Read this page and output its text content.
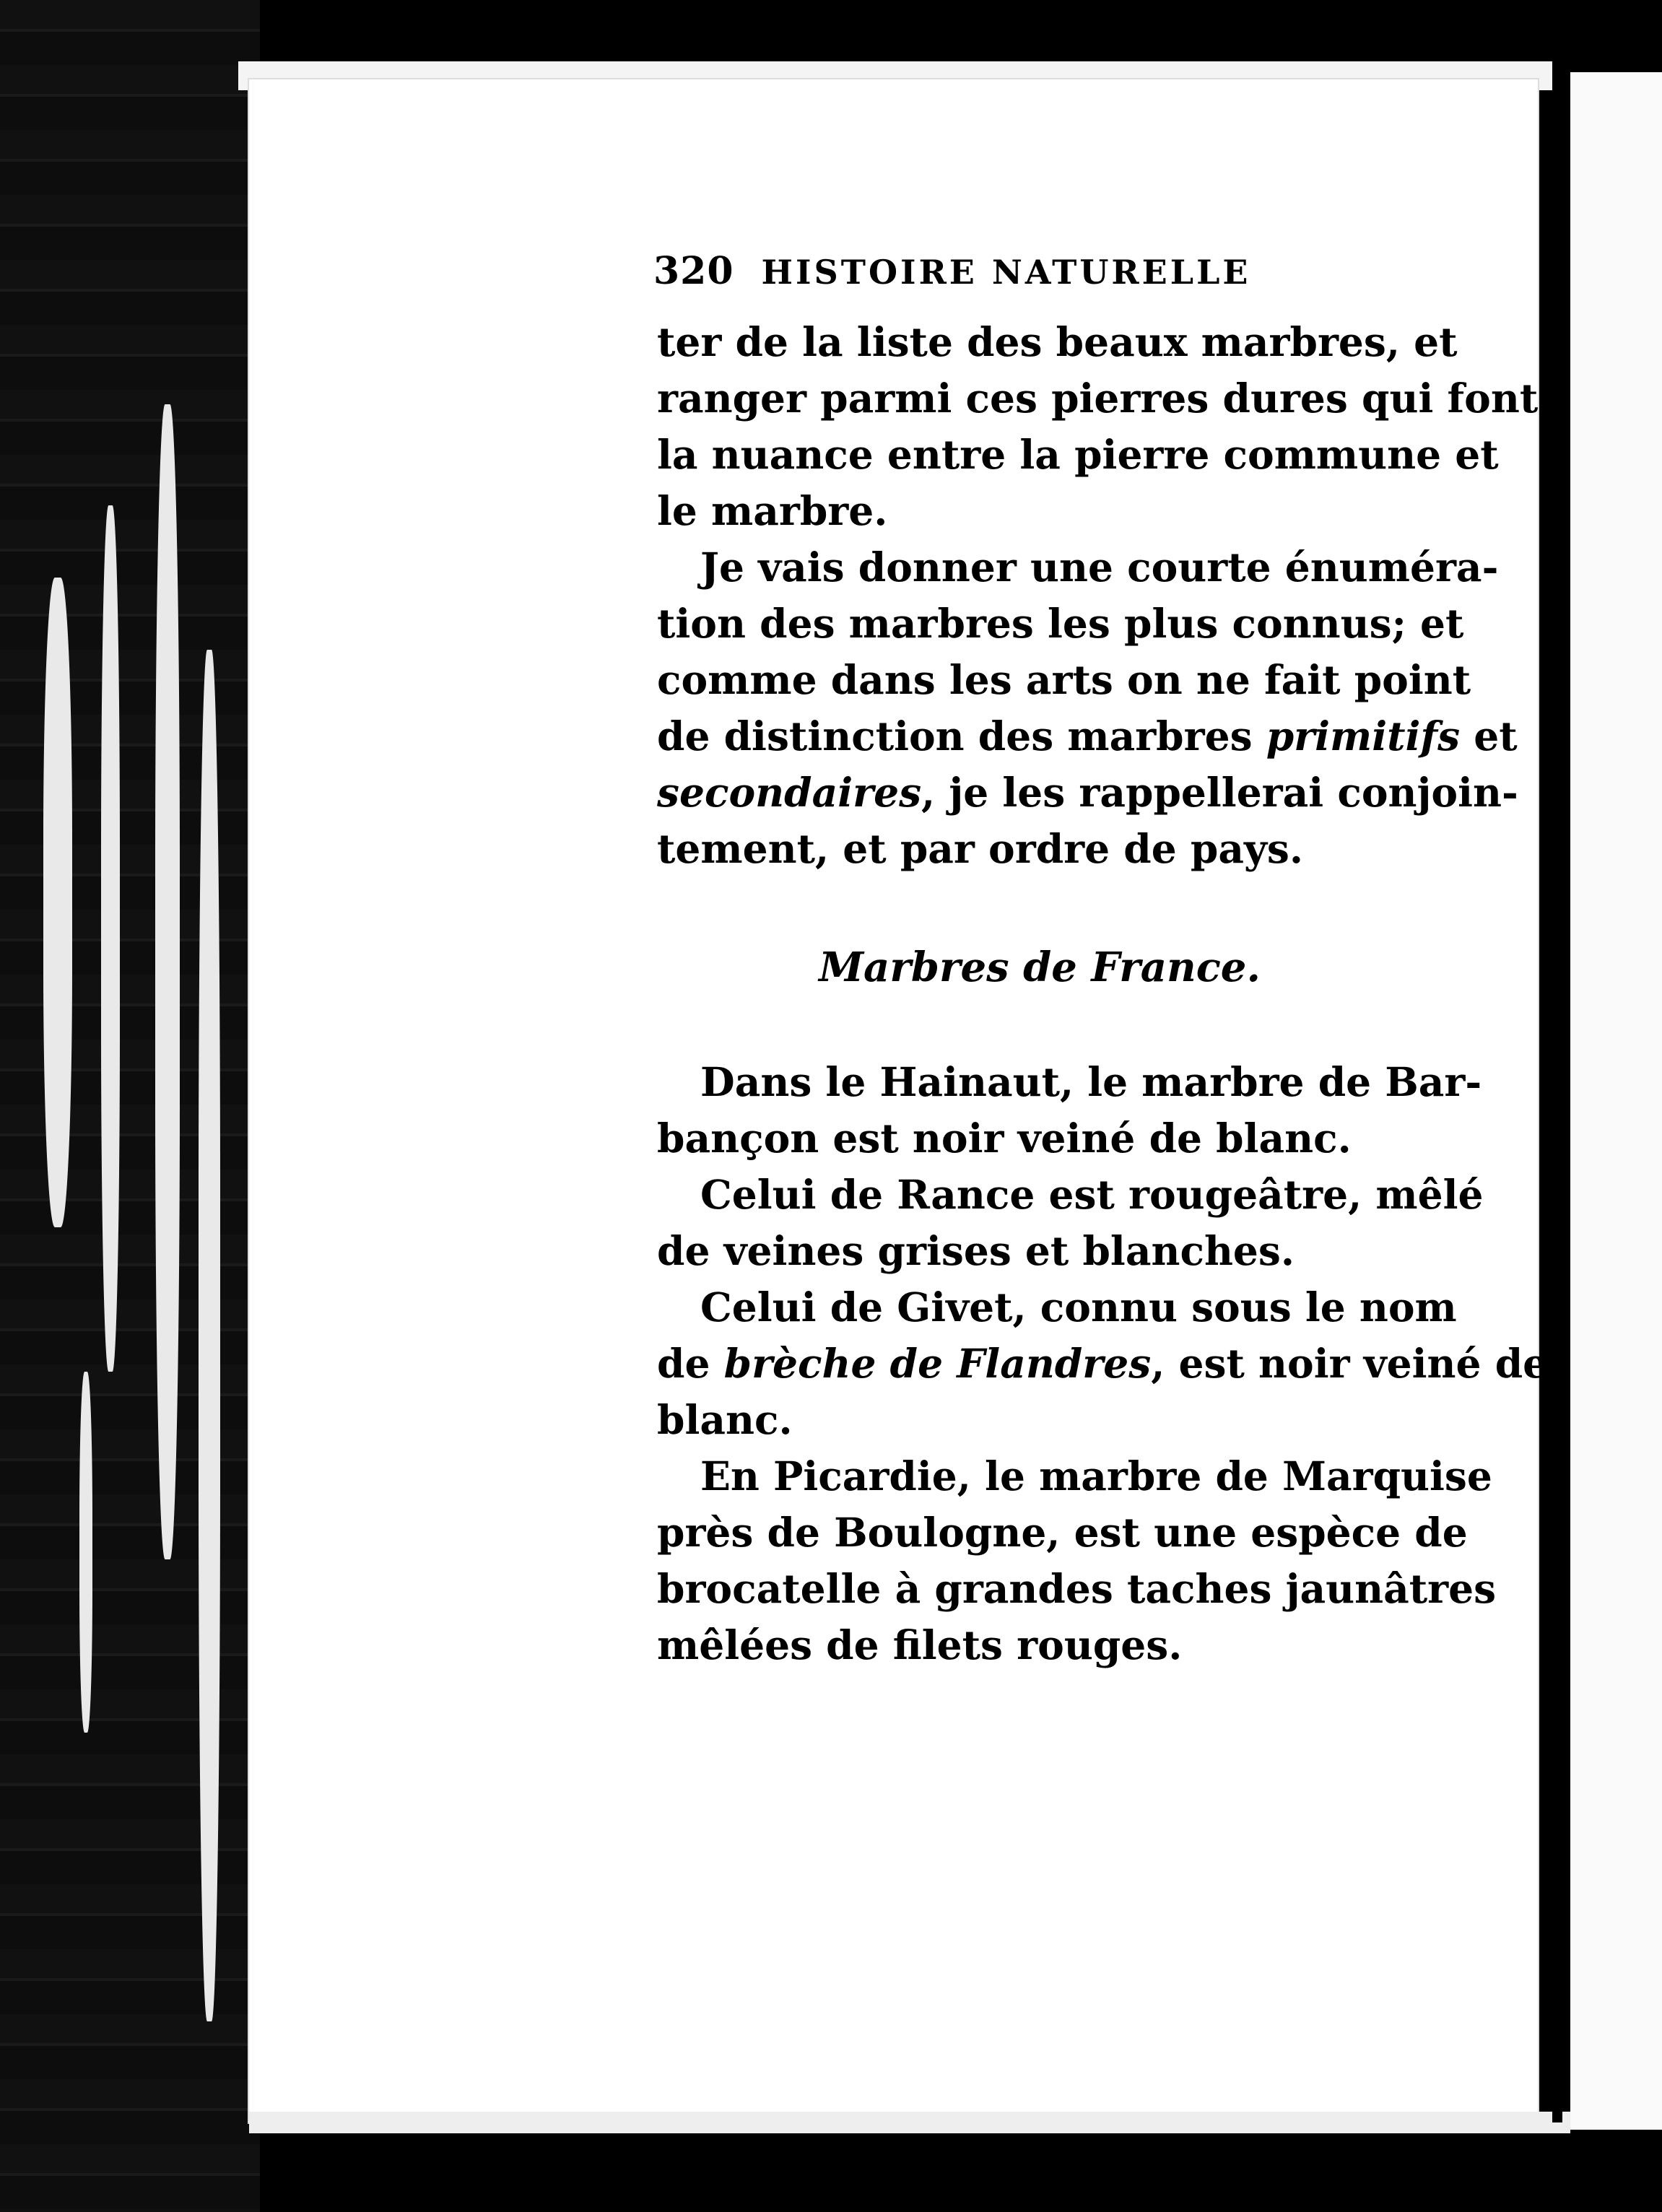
320 HISTOIRE NATURELLE
ter de la liste des beaux marbres, et
ranger parmi ces pierres dures qui font
la nuance entre la pierre commune et
le marbre.
Je vais donner une courte énuméra-
tion des marbres les plus connus; et
comme dans les arts on ne fait point
de distinction des marbres primitifs et
secondaires, je les rappellerai conjoin-
tement, et par ordre de pays.
Marbres de France.
Dans le Hainaut, le marbre de Bar-
bançon est noir veiné de blanc.
Celui de Rance est rougeâtre, mêlé
de veines grises et blanches.
Celui de Givet, connu sous le nom
de brèche de Flandres, est noir veiné de
blanc.
En Picardie, le marbre de Marquise
près de Boulogne, est une espèce de
brocatelle à grandes taches jaunâtres
mêlées de filets rouges.
